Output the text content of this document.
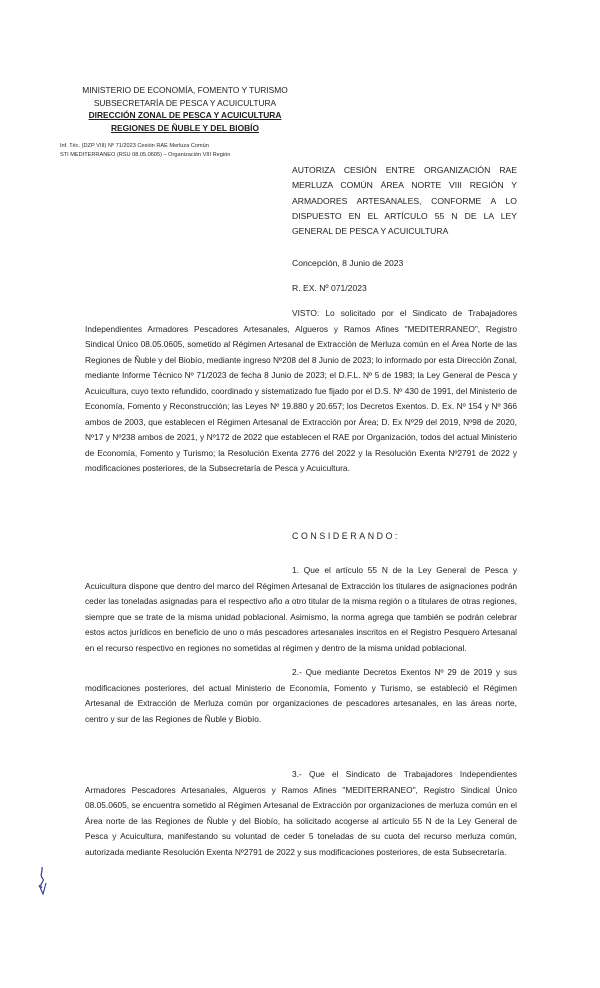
MINISTERIO DE ECONOMÍA, FOMENTO Y TURISMO
SUBSECRETARÍA DE PESCA Y ACUICULTURA
DIRECCIÓN ZONAL DE PESCA Y ACUICULTURA
REGIONES DE ÑUBLE Y DEL BIOBÍO
Inf. Téc. (DZP VIII) Nº 71/2023 Cesión RAE Merluza Común
STI MEDITERRANEO (RSU 08.05.0605) – Organización VIII Región
AUTORIZA CESIÓN ENTRE ORGANIZACIÓN RAE MERLUZA COMÚN ÁREA NORTE VIII REGIÓN Y ARMADORES ARTESANALES, CONFORME A LO DISPUESTO EN EL ARTÍCULO 55 N DE LA LEY GENERAL DE PESCA Y ACUICULTURA
Concepción, 8 Junio de 2023
R. EX. Nº 071/2023
VISTO: Lo solicitado por el Sindicato de Trabajadores Independientes Armadores Pescadores Artesanales, Algueros y Ramos Afines "MEDITERRANEO", Registro Sindical Único 08.05.0605, sometido al Régimen Artesanal de Extracción de Merluza común en el Área Norte de las Regiones de Ñuble y del Biobío, mediante ingreso Nº208 del 8 Junio de 2023; lo informado por esta Dirección Zonal, mediante Informe Técnico Nº 71/2023 de fecha 8 Junio de 2023; el D.F.L. Nº 5 de 1983; la Ley General de Pesca y Acuicultura, cuyo texto refundido, coordinado y sistematizado fue fijado por el D.S. Nº 430 de 1991, del Ministerio de Economía, Fomento y Reconstrucción; las Leyes Nº 19.880 y 20.657; los Decretos Exentos. D. Ex. Nº 154 y Nº 366 ambos de 2003, que establecen el Régimen Artesanal de Extracción por Área; D. Ex Nº29 del 2019, Nº98 de 2020, Nº17 y Nº238 ambos de 2021, y Nº172 de 2022 que establecen el RAE por Organización, todos del actual Ministerio de Economía, Fomento y Turismo; la Resolución Exenta 2776 del 2022 y la Resolución Exenta Nº2791 de 2022 y modificaciones posteriores, de la Subsecretaría de Pesca y Acuicultura.
CONSIDERANDO:
1. Que el artículo 55 N de la Ley General de Pesca y Acuicultura dispone que dentro del marco del Régimen Artesanal de Extracción los titulares de asignaciones podrán ceder las toneladas asignadas para el respectivo año a otro titular de la misma región o a titulares de otras regiones, siempre que se trate de la misma unidad poblacional. Asimismo, la norma agrega que también se podrán celebrar estos actos jurídicos en beneficio de uno o más pescadores artesanales inscritos en el Registro Pesquero Artesanal en el recurso respectivo en regiones no sometidas al régimen y dentro de la misma unidad poblacional.
2.- Que mediante Decretos Exentos Nº 29 de 2019 y sus modificaciones posteriores, del actual Ministerio de Economía, Fomento y Turismo, se estableció el Régimen Artesanal de Extracción de Merluza común por organizaciones de pescadores artesanales, en las áreas norte, centro y sur de las Regiones de Ñuble y Biobío.
3.- Que el Sindicato de Trabajadores Independientes Armadores Pescadores Artesanales, Algueros y Ramos Afines "MEDITERRANEO", Registro Sindical Único 08.05.0605, se encuentra sometido al Régimen Artesanal de Extracción por organizaciones de merluza común en el Área norte de las Regiones de Ñuble y del Biobío, ha solicitado acogerse al artículo 55 N de la Ley General de Pesca y Acuicultura, manifestando su voluntad de ceder 5 toneladas de su cuota del recurso merluza común, autorizada mediante Resolución Exenta Nº2791 de 2022 y sus modificaciones posteriores, de esta Subsecretaría.
